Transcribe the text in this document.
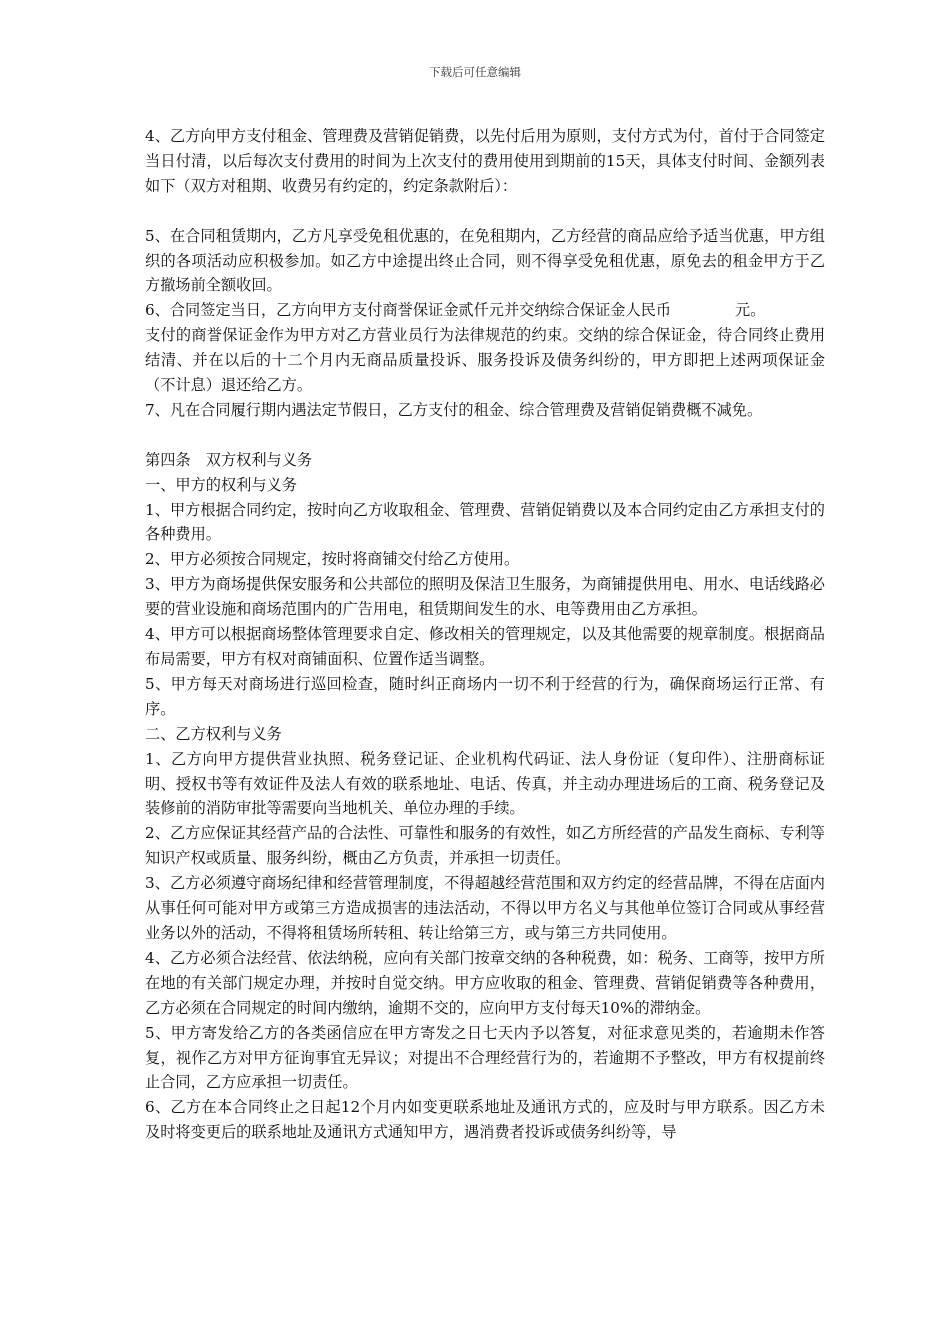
下载后可任意编辑

4、乙方向甲方支付租金、管理费及营销促销费，以先付后用为原则，支付方式为付，首付于合同签定当日付清，以后每次支付费用的时间为上次支付的费用使用到期前的15天，具体支付时间、金额列表如下（双方对租期、收费另有约定的，约定条款附后）：

5、在合同租赁期内，乙方凡享受免租优惠的，在免租期内，乙方经营的商品应给予适当优惠，甲方组织的各项活动应积极参加。如乙方中途提出终止合同，则不得享受免租优惠，原免去的租金甲方于乙方撤场前全额收回。

6、合同签定当日，乙方向甲方支付商誉保证金贰仟元并交纳综合保证金人民币	元。

支付的商誉保证金作为甲方对乙方营业员行为法律规范的约束。交纳的综合保证金，待合同终止费用结清、并在以后的十二个月内无商品质量投诉、服务投诉及债务纠纷的，甲方即把上述两项保证金（不计息）退还给乙方。

7、凡在合同履行期内遇法定节假日，乙方支付的租金、综合管理费及营销促销费概不减免。

第四条　双方权利与义务

一、甲方的权利与义务

1、甲方根据合同约定，按时向乙方收取租金、管理费、营销促销费以及本合同约定由乙方承担支付的各种费用。

2、甲方必须按合同规定，按时将商铺交付给乙方使用。

3、甲方为商场提供保安服务和公共部位的照明及保洁卫生服务，为商铺提供用电、用水、电话线路必要的营业设施和商场范围内的广告用电，租赁期间发生的水、电等费用由乙方承担。

4、甲方可以根据商场整体管理要求自定、修改相关的管理规定，以及其他需要的规章制度。根据商品布局需要，甲方有权对商铺面积、位置作适当调整。

5、甲方每天对商场进行巡回检查，随时纠正商场内一切不利于经营的行为，确保商场运行正常、有序。

二、乙方权利与义务

1、乙方向甲方提供营业执照、税务登记证、企业机构代码证、法人身份证（复印件）、注册商标证明、授权书等有效证件及法人有效的联系地址、电话、传真，并主动办理进场后的工商、税务登记及装修前的消防审批等需要向当地机关、单位办理的手续。

2、乙方应保证其经营产品的合法性、可靠性和服务的有效性，如乙方所经营的产品发生商标、专利等知识产权或质量、服务纠纷，概由乙方负责，并承担一切责任。

3、乙方必须遵守商场纪律和经营管理制度，不得超越经营范围和双方约定的经营品牌，不得在店面内从事任何可能对甲方或第三方造成损害的违法活动，不得以甲方名义与其他单位签订合同或从事经营业务以外的活动，不得将租赁场所转租、转让给第三方，或与第三方共同使用。

4、乙方必须合法经营、依法纳税，应向有关部门按章交纳的各种税费，如：税务、工商等，按甲方所在地的有关部门规定办理，并按时自觉交纳。甲方应收取的租金、管理费、营销促销费等各种费用，乙方必须在合同规定的时间内缴纳，逾期不交的，应向甲方支付每天10%的滞纳金。

5、甲方寄发给乙方的各类函信应在甲方寄发之日七天内予以答复，对征求意见类的，若逾期未作答复，视作乙方对甲方征询事宜无异议；对提出不合理经营行为的，若逾期不予整改，甲方有权提前终止合同，乙方应承担一切责任。

6、乙方在本合同终止之日起12个月内如变更联系地址及通讯方式的，应及时与甲方联系。因乙方未及时将变更后的联系地址及通讯方式通知甲方，遇消费者投诉或债务纠纷等，导
